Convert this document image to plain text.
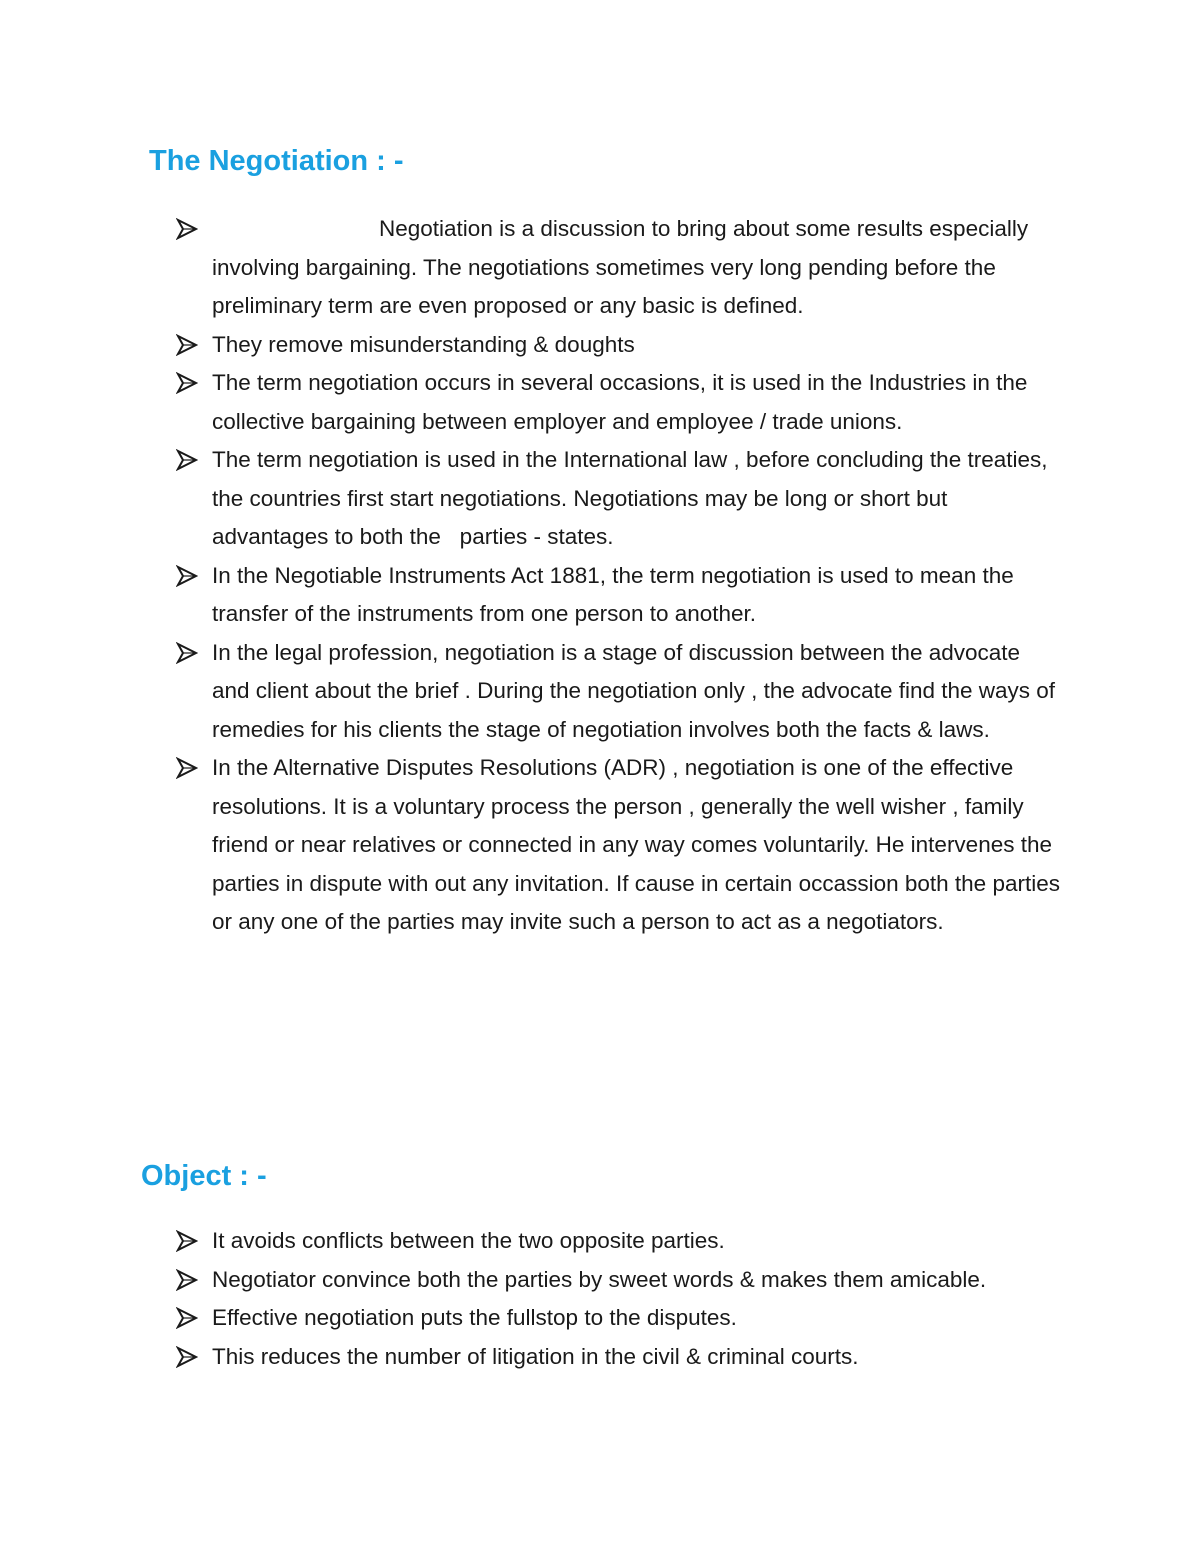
The Negotiation : -
Negotiation is a discussion to bring about some results especially involving bargaining. The negotiations sometimes very long pending before the preliminary term are even proposed or any basic is defined.
They remove misunderstanding & doughts
The term negotiation occurs in several occasions, it is used in the Industries in the collective bargaining between employer and employee / trade unions.
The term negotiation is used in the International law , before concluding the treaties, the countries first start negotiations. Negotiations may be long or short but advantages to both the   parties - states.
In the Negotiable Instruments Act 1881, the term negotiation is used to mean the transfer of the instruments from one person to another.
In the legal profession, negotiation is a stage of discussion between the advocate and client about the brief . During the negotiation only , the advocate find the ways of remedies for his clients the stage of negotiation involves both the facts & laws.
In the Alternative Disputes Resolutions (ADR) , negotiation is one of the effective resolutions. It is a voluntary process the person , generally the well wisher , family friend or near relatives or connected in any way comes voluntarily. He intervenes the parties in dispute with out any invitation. If cause in certain occassion both the parties or any one of the parties may invite such a person to act as a negotiators.
Object : -
It avoids conflicts between the two opposite parties.
Negotiator convince both the parties by sweet words & makes them amicable.
Effective negotiation puts the fullstop to the disputes.
This reduces the number of litigation in the civil & criminal courts.
